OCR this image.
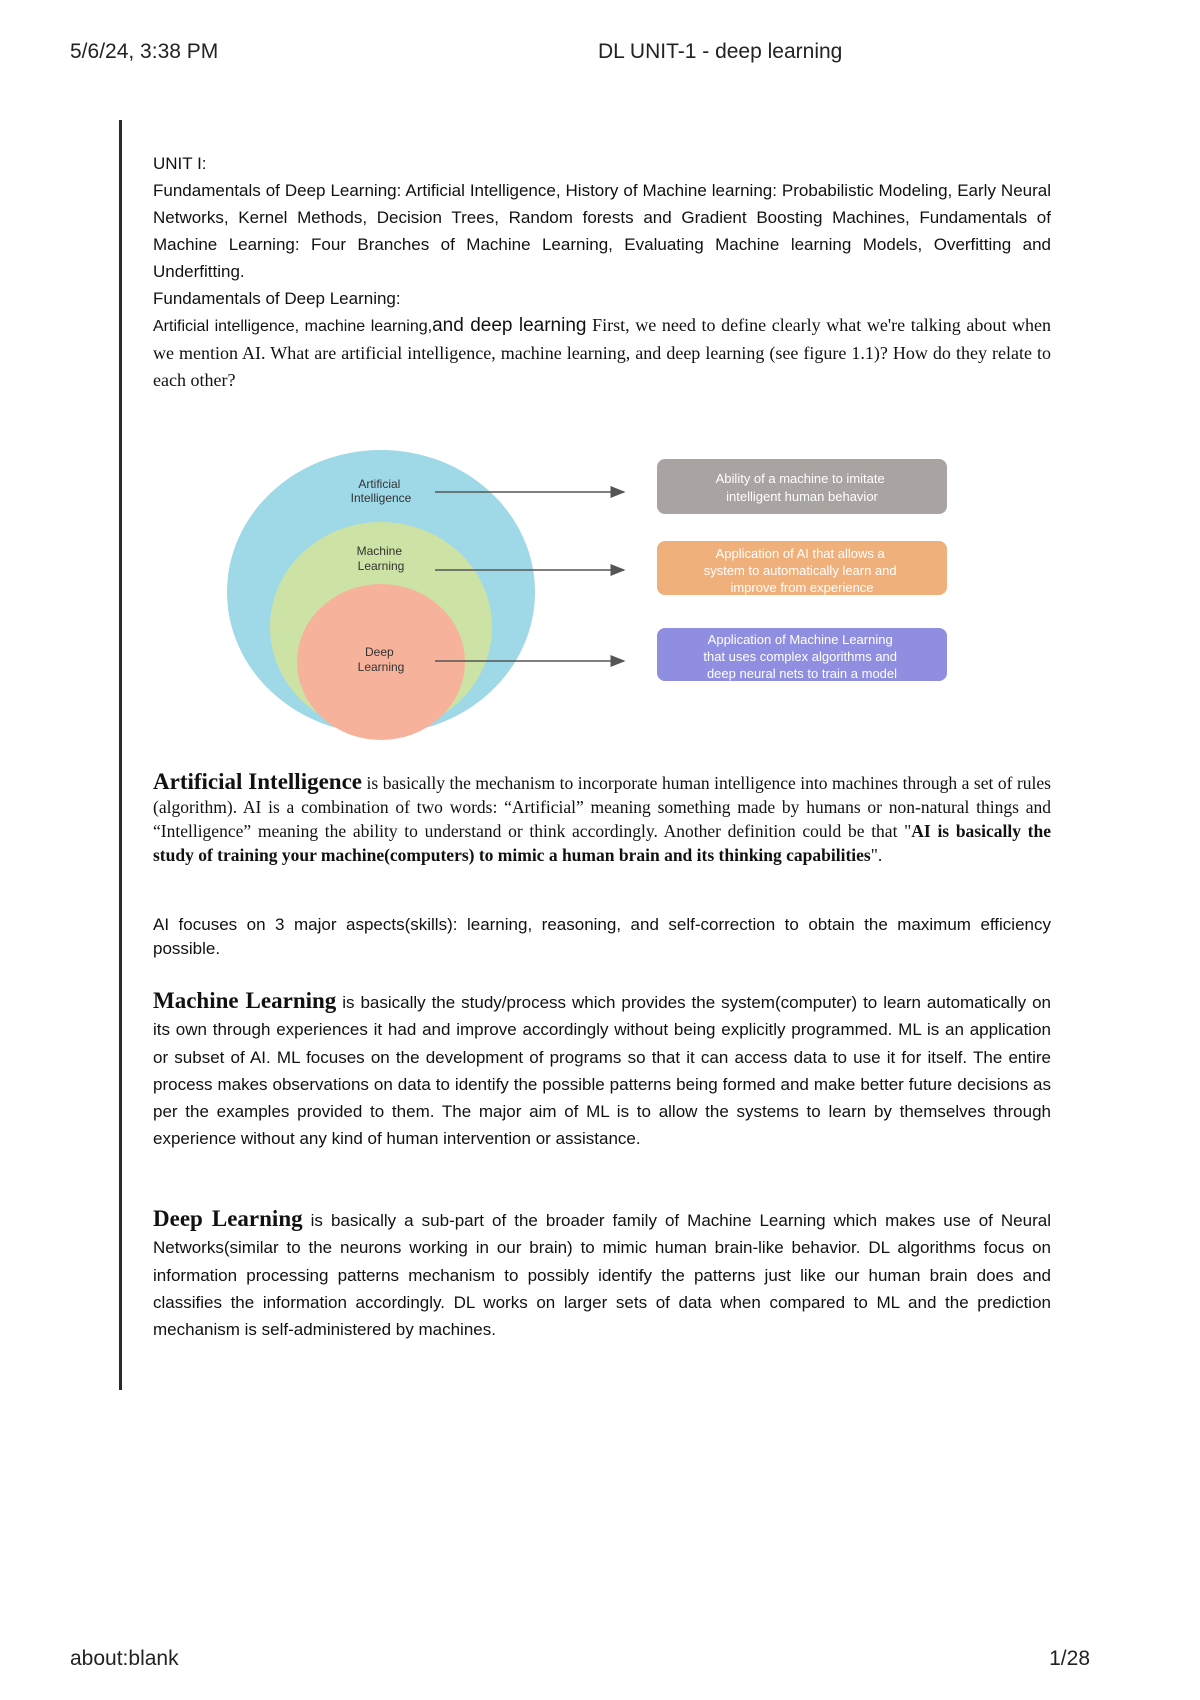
5/6/24, 3:38 PM	DL UNIT-1 - deep learning

UNIT I:

Fundamentals of Deep Learning: Artificial Intelligence, History of Machine learning: Probabilistic Modeling, Early Neural Networks, Kernel Methods, Decision Trees, Random forests and Gradient Boosting Machines, Fundamentals of Machine Learning: Four Branches of Machine Learning, Evaluating Machine learning Models, Overfitting and Underfitting.

Fundamentals of Deep Learning:

Artificial intelligence, machine learning,and deep learning First, we need to define clearly what we're talking about when we mention AI. What are artificial intelligence, machine learning, and deep learning (see figure 1.1)? How do they relate to each other?

Artificial Intelligence
Machine Learning
Deep Learning
Ability of a machine to imitate intelligent human behavior
Application of AI that allows a system to automatically learn and improve from experience
Application of Machine Learning that uses complex algorithms and deep neural nets to train a model

Artificial Intelligence is basically the mechanism to incorporate human intelligence into machines through a set of rules (algorithm). AI is a combination of two words: “Artificial” meaning something made by humans or non-natural things and “Intelligence” meaning the ability to understand or think accordingly. Another definition could be that "AI is basically the study of training your machine(computers) to mimic a human brain and its thinking capabilities".

AI focuses on 3 major aspects(skills): learning, reasoning, and self-correction to obtain the maximum efficiency possible.

Machine Learning is basically the study/process which provides the system(computer) to learn automatically on its own through experiences it had and improve accordingly without being explicitly programmed. ML is an application or subset of AI. ML focuses on the development of programs so that it can access data to use it for itself. The entire process makes observations on data to identify the possible patterns being formed and make better future decisions as per the examples provided to them. The major aim of ML is to allow the systems to learn by themselves through experience without any kind of human intervention or assistance.

Deep Learning is basically a sub-part of the broader family of Machine Learning which makes use of Neural Networks(similar to the neurons working in our brain) to mimic human brain-like behavior. DL algorithms focus on information processing patterns mechanism to possibly identify the patterns just like our human brain does and classifies the information accordingly. DL works on larger sets of data when compared to ML and the prediction mechanism is self-administered by machines.

about:blank	1/28
